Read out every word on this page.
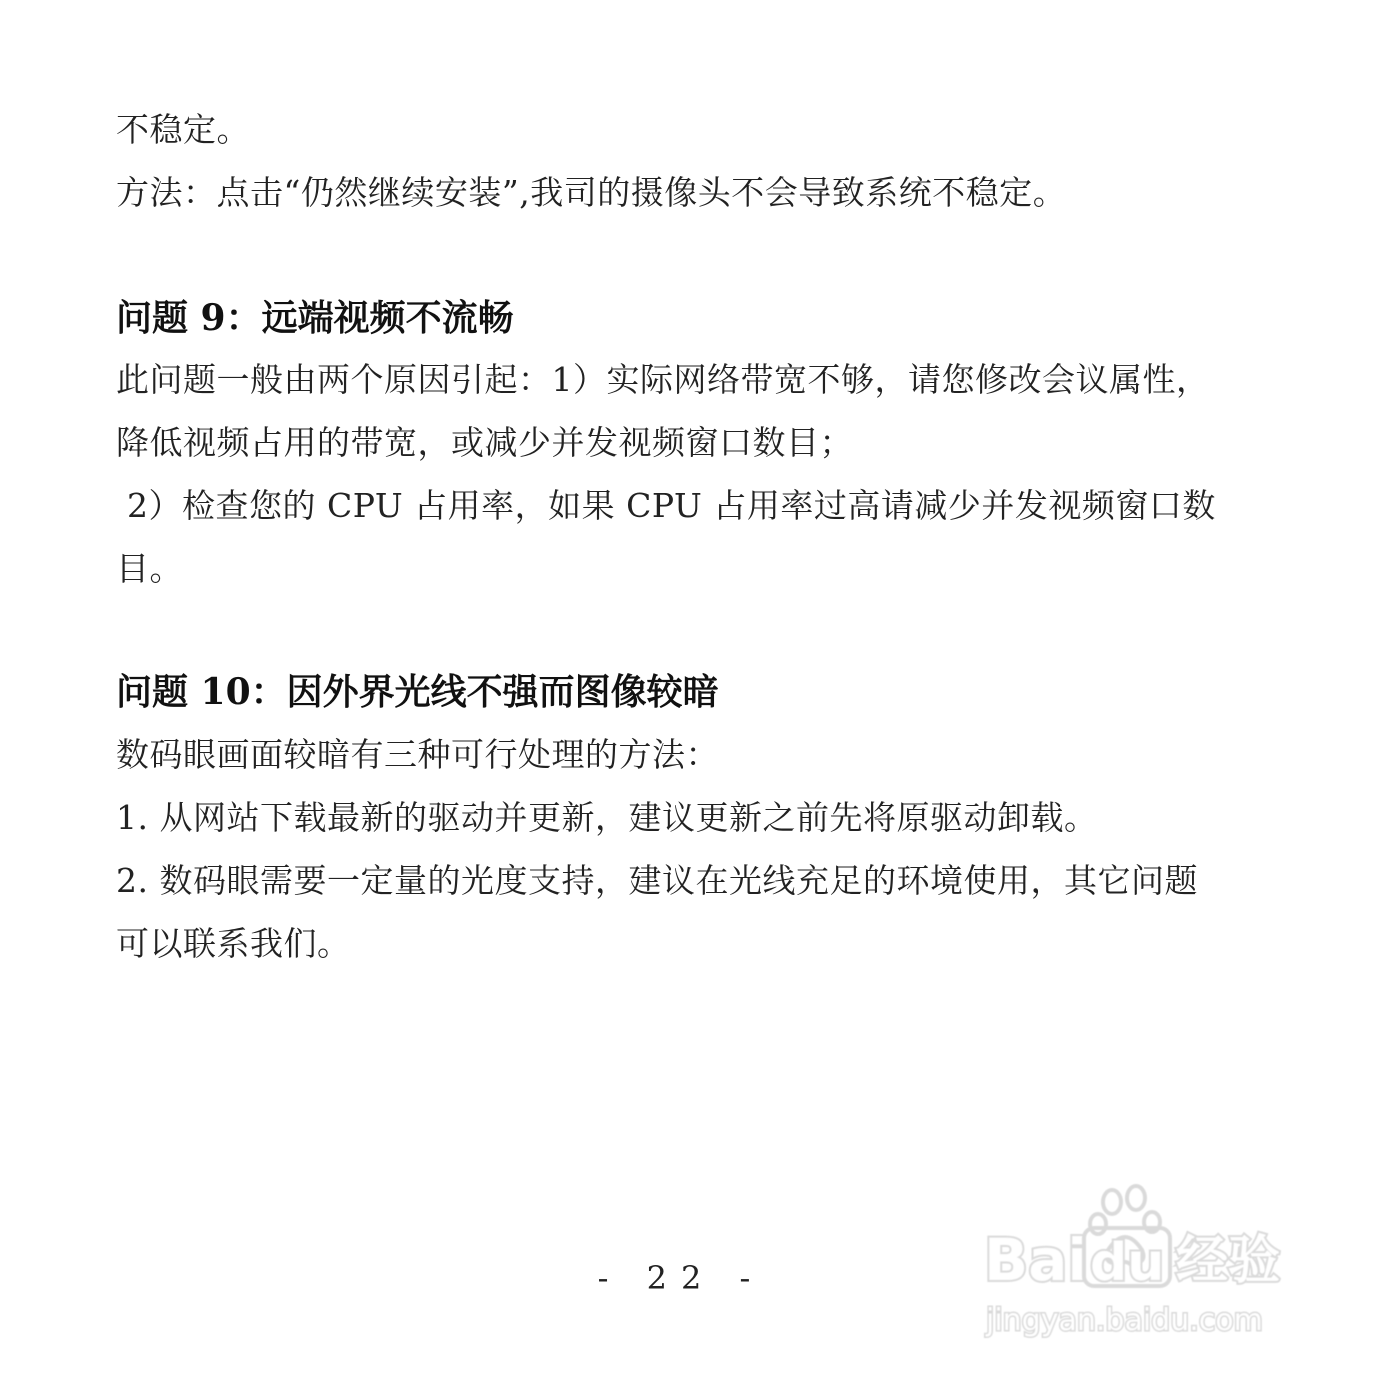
不稳定。
方法：点击“仍然继续安装”,我司的摄像头不会导致系统不稳定。
问题 9：远端视频不流畅
此问题一般由两个原因引起：1）实际网络带宽不够，请您修改会议属性，
降低视频占用的带宽，或减少并发视频窗口数目；
2）检查您的 CPU 占用率，如果 CPU 占用率过高请减少并发视频窗口数
目。
问题 10：因外界光线不强而图像较暗
数码眼画面较暗有三种可行处理的方法：
1. 从网站下载最新的驱动并更新，建议更新之前先将原驱动卸载。
2. 数码眼需要一定量的光度支持，建议在光线充足的环境使用，其它问题
可以联系我们。
- 22 -	Bai du 经验
jingyan.baidu.com
